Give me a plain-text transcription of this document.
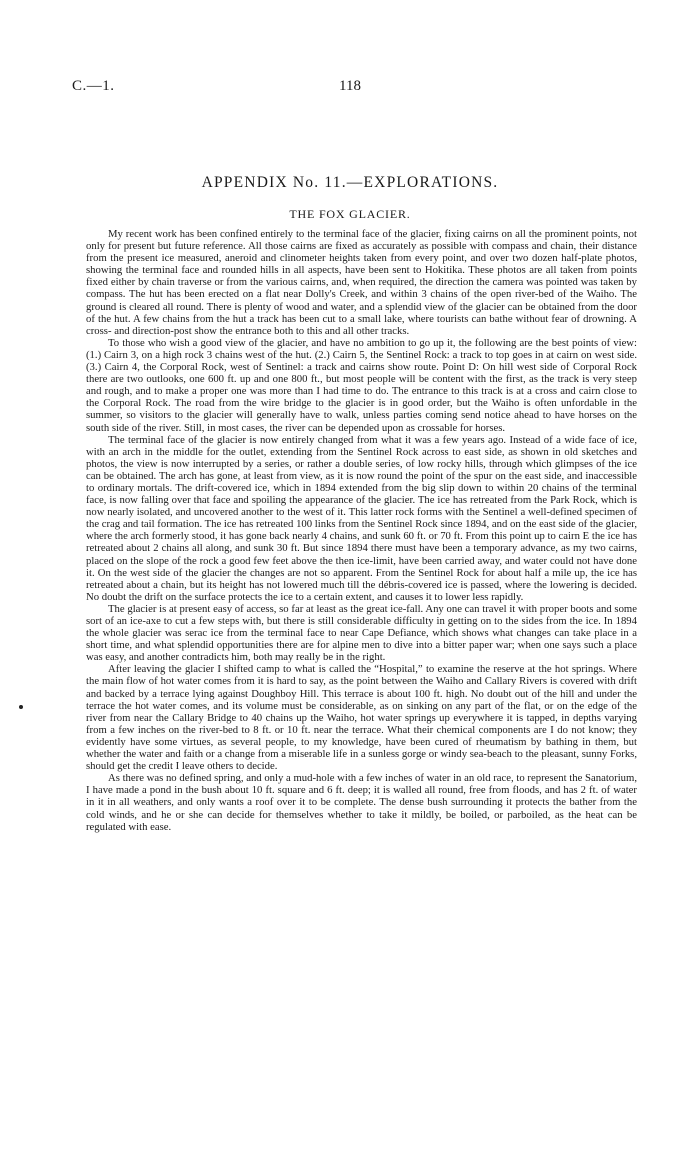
C.—1.	118
APPENDIX No. 11.—EXPLORATIONS.
THE FOX GLACIER.

My recent work has been confined entirely to the terminal face of the glacier, fixing cairns on all the prominent points, not only for present but future reference. All those cairns are fixed as accurately as possible with compass and chain, their distance from the present ice measured, aneroid and clinometer heights taken from every point, and over two dozen half-plate photos, showing the terminal face and rounded hills in all aspects, have been sent to Hokitika. These photos are all taken from points fixed either by chain traverse or from the various cairns, and, when required, the direction the camera was pointed was taken by compass. The hut has been erected on a flat near Dolly's Creek, and within 3 chains of the open river-bed of the Waiho. The ground is cleared all round. There is plenty of wood and water, and a splendid view of the glacier can be obtained from the door of the hut. A few chains from the hut a track has been cut to a small lake, where tourists can bathe without fear of drowning. A cross- and direction-post show the entrance both to this and all other tracks.

To those who wish a good view of the glacier, and have no ambition to go up it, the following are the best points of view: (1.) Cairn 3, on a high rock 3 chains west of the hut. (2.) Cairn 5, the Sentinel Rock: a track to top goes in at cairn on west side. (3.) Cairn 4, the Corporal Rock, west of Sentinel: a track and cairns show route. Point D: On hill west side of Corporal Rock there are two outlooks, one 600 ft. up and one 800 ft., but most people will be content with the first, as the track is very steep and rough, and to make a proper one was more than I had time to do. The entrance to this track is at a cross and cairn close to the Corporal Rock. The road from the wire bridge to the glacier is in good order, but the Waiho is often unfordable in the summer, so visitors to the glacier will generally have to walk, unless parties coming send notice ahead to have horses on the south side of the river. Still, in most cases, the river can be depended upon as crossable for horses.

The terminal face of the glacier is now entirely changed from what it was a few years ago. Instead of a wide face of ice, with an arch in the middle for the outlet, extending from the Sentinel Rock across to east side, as shown in old sketches and photos, the view is now interrupted by a series, or rather a double series, of low rocky hills, through which glimpses of the ice can be obtained. The arch has gone, at least from view, as it is now round the point of the spur on the east side, and inaccessible to ordinary mortals. The drift-covered ice, which in 1894 extended from the big slip down to within 20 chains of the terminal face, is now falling over that face and spoiling the appearance of the glacier. The ice has retreated from the Park Rock, which is now nearly isolated, and uncovered another to the west of it. This latter rock forms with the Sentinel a well-defined specimen of the crag and tail formation. The ice has retreated 100 links from the Sentinel Rock since 1894, and on the east side of the glacier, where the arch formerly stood, it has gone back nearly 4 chains, and sunk 60 ft. or 70 ft. From this point up to cairn E the ice has retreated about 2 chains all along, and sunk 30 ft. But since 1894 there must have been a temporary advance, as my two cairns, placed on the slope of the rock a good few feet above the then ice-limit, have been carried away, and water could not have done it. On the west side of the glacier the changes are not so apparent. From the Sentinel Rock for about half a mile up, the ice has retreated about a chain, but its height has not lowered much till the débris-covered ice is passed, where the lowering is decided. No doubt the drift on the surface protects the ice to a certain extent, and causes it to lower less rapidly.

The glacier is at present easy of access, so far at least as the great ice-fall. Any one can travel it with proper boots and some sort of an ice-axe to cut a few steps with, but there is still considerable difficulty in getting on to the sides from the ice. In 1894 the whole glacier was serac ice from the terminal face to near Cape Defiance, which shows what changes can take place in a short time, and what splendid opportunities there are for alpine men to dive into a bitter paper war; when one says such a place was easy, and another contradicts him, both may really be in the right.

After leaving the glacier I shifted camp to what is called the “Hospital,” to examine the reserve at the hot springs. Where the main flow of hot water comes from it is hard to say, as the point between the Waiho and Callary Rivers is covered with drift and backed by a terrace lying against Doughboy Hill. This terrace is about 100 ft. high. No doubt out of the hill and under the terrace the hot water comes, and its volume must be considerable, as on sinking on any part of the flat, or on the edge of the river from near the Callary Bridge to 40 chains up the Waiho, hot water springs up everywhere it is tapped, in depths varying from a few inches on the river-bed to 8 ft. or 10 ft. near the terrace. What their chemical components are I do not know; they evidently have some virtues, as several people, to my knowledge, have been cured of rheumatism by bathing in them, but whether the water and faith or a change from a miserable life in a sunless gorge or windy sea-beach to the pleasant, sunny Forks, should get the credit I leave others to decide.

As there was no defined spring, and only a mud-hole with a few inches of water in an old race, to represent the Sanatorium, I have made a pond in the bush about 10 ft. square and 6 ft. deep; it is walled all round, free from floods, and has 2 ft. of water in it in all weathers, and only wants a roof over it to be complete. The dense bush surrounding it protects the bather from the cold winds, and he or she can decide for themselves whether to take it mildly, be boiled, or parboiled, as the heat can be regulated with ease.
